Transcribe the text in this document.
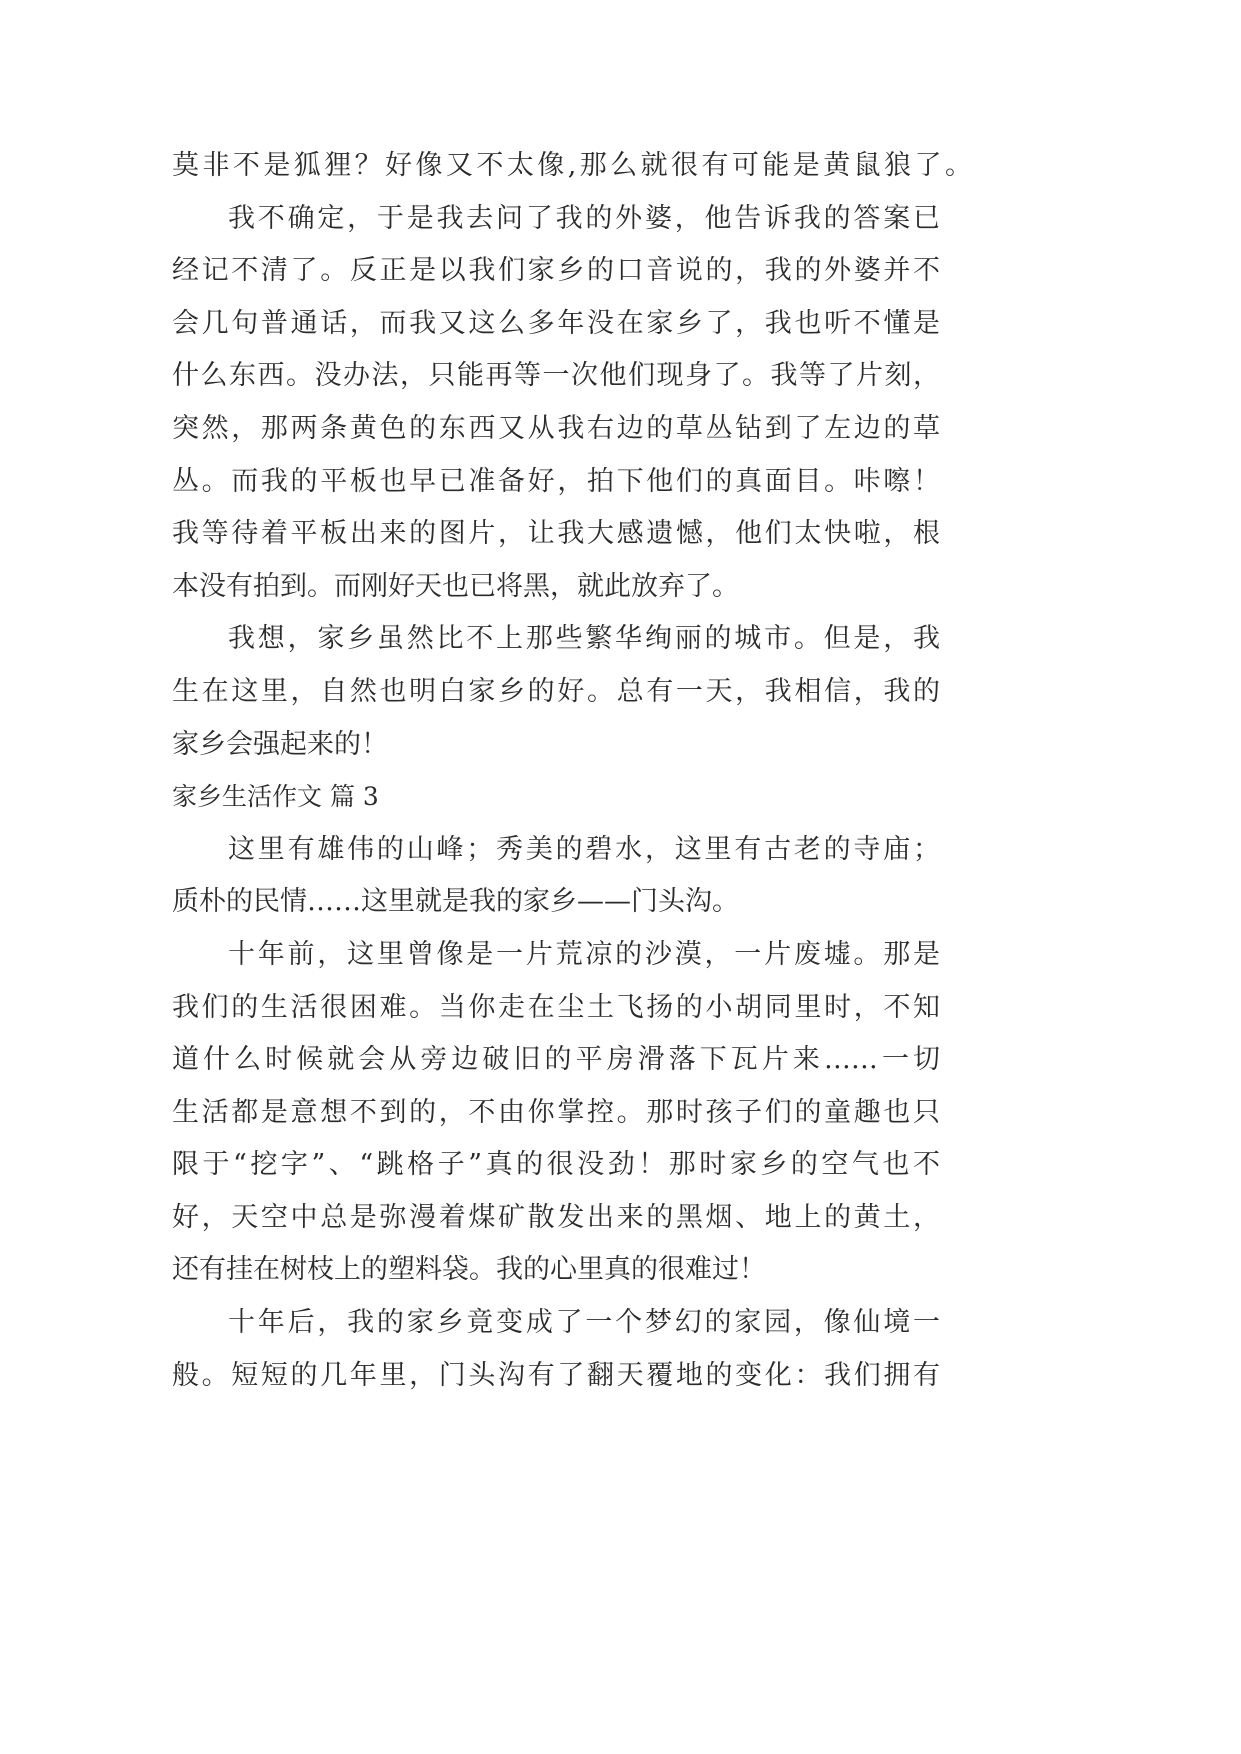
莫非不是狐狸？好像又不太像,那么就很有可能是黄鼠狼了。
我不确定，于是我去问了我的外婆，他告诉我的答案已
经记不清了。反正是以我们家乡的口音说的，我的外婆并不
会几句普通话，而我又这么多年没在家乡了，我也听不懂是
什么东西。没办法，只能再等一次他们现身了。我等了片刻，
突然，那两条黄色的东西又从我右边的草丛钻到了左边的草
丛。而我的平板也早已准备好，拍下他们的真面目。咔嚓！
我等待着平板出来的图片，让我大感遗憾，他们太快啦，根
本没有拍到。而刚好天也已将黑，就此放弃了。
我想，家乡虽然比不上那些繁华绚丽的城市。但是，我
生在这里，自然也明白家乡的好。总有一天，我相信，我的
家乡会强起来的！
家乡生活作文 篇 3
这里有雄伟的山峰；秀美的碧水，这里有古老的寺庙；
质朴的民情……这里就是我的家乡——门头沟。
十年前，这里曾像是一片荒凉的沙漠，一片废墟。那是
我们的生活很困难。当你走在尘土飞扬的小胡同里时，不知
道什么时候就会从旁边破旧的平房滑落下瓦片来……一切
生活都是意想不到的，不由你掌控。那时孩子们的童趣也只
限于“挖字”、“跳格子”真的很没劲！那时家乡的空气也不
好，天空中总是弥漫着煤矿散发出来的黑烟、地上的黄土，
还有挂在树枝上的塑料袋。我的心里真的很难过！
十年后，我的家乡竟变成了一个梦幻的家园，像仙境一
般。短短的几年里，门头沟有了翻天覆地的变化：我们拥有
